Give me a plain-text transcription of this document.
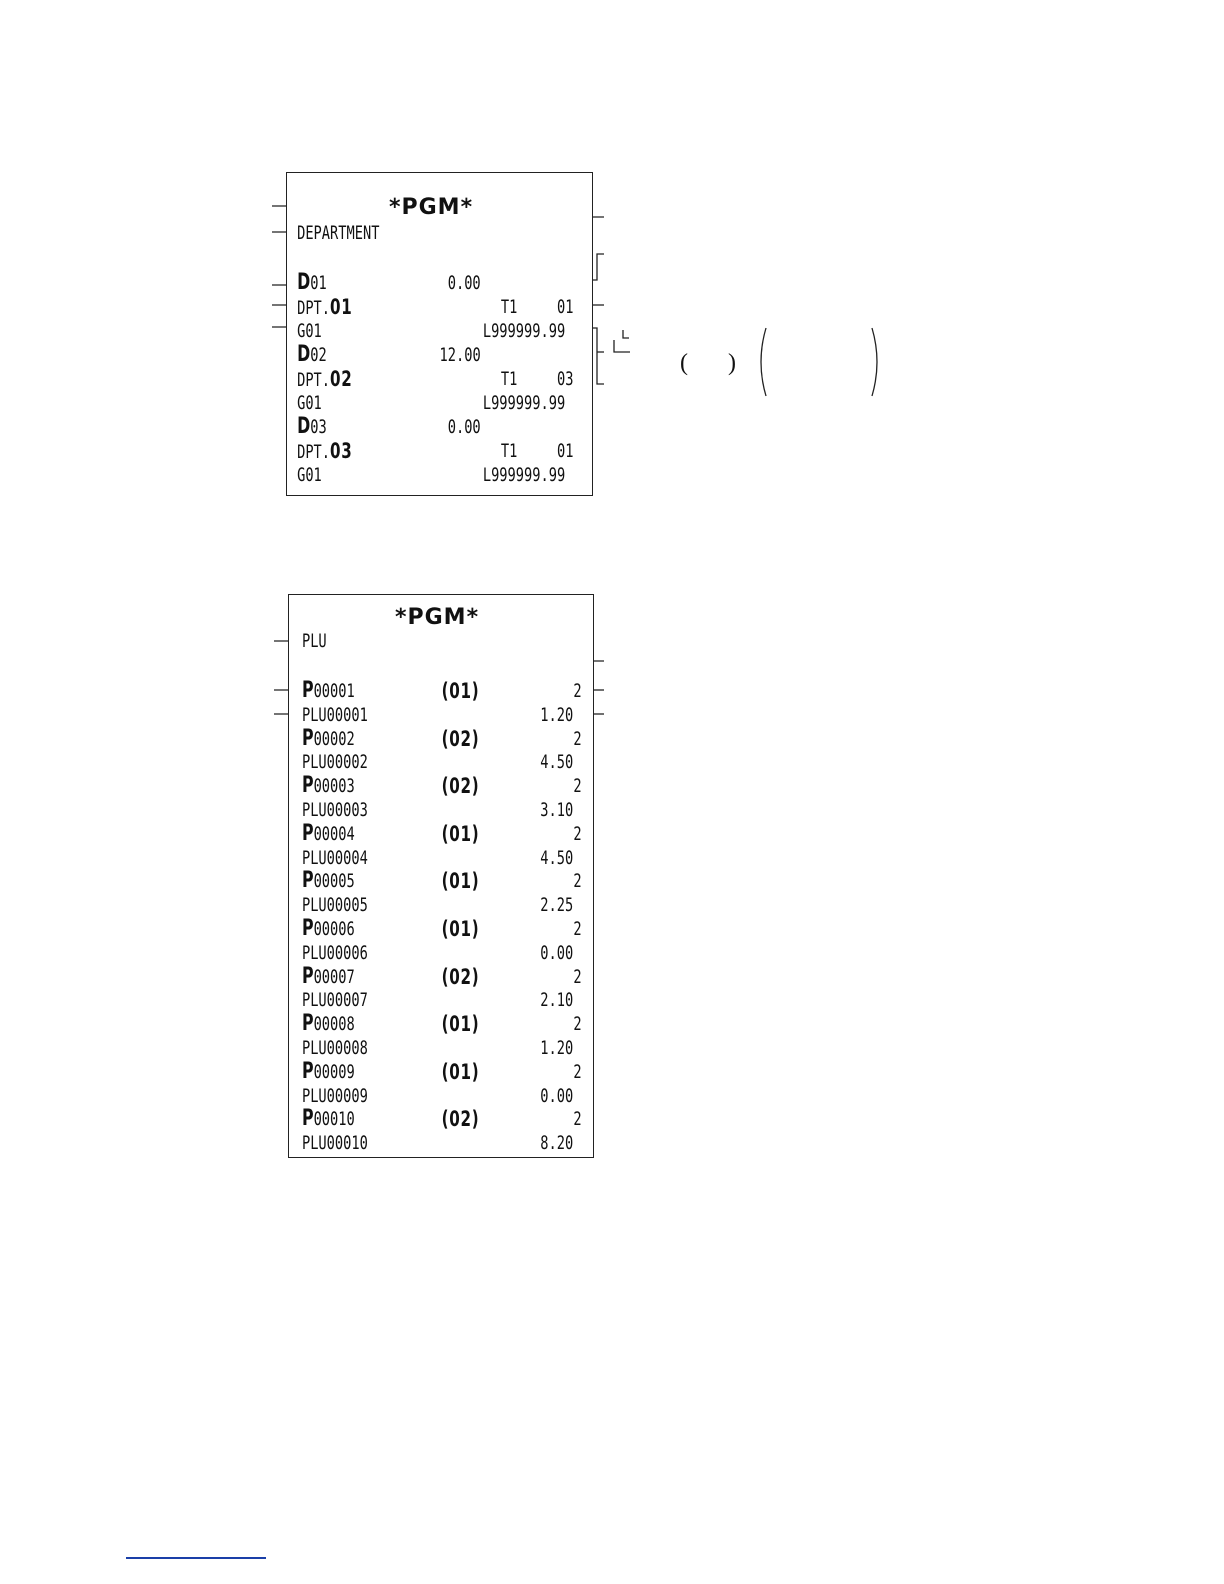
( )
*PGM*

DEPARTMENT

D01	0.00
DPT.01	T1 01
G01	L999999.99
D02	12.00
DPT.02	T1 03
G01	L999999.99
D03	0.00
DPT.03	T1 01
G01	L999999.99
*PGM*

PLU

P00001	(01)	2
PLU00001	1.20
P00002	(02)	2
PLU00002	4.50
P00003	(02)	2
PLU00003	3.10
P00004	(01)	2
PLU00004	4.50
P00005	(01)	2
PLU00005	2.25
P00006	(01)	2
PLU00006	0.00
P00007	(02)	2
PLU00007	2.10
P00008	(01)	2
PLU00008	1.20
P00009	(01)	2
PLU00009	0.00
P00010	(02)	2
PLU00010	8.20
